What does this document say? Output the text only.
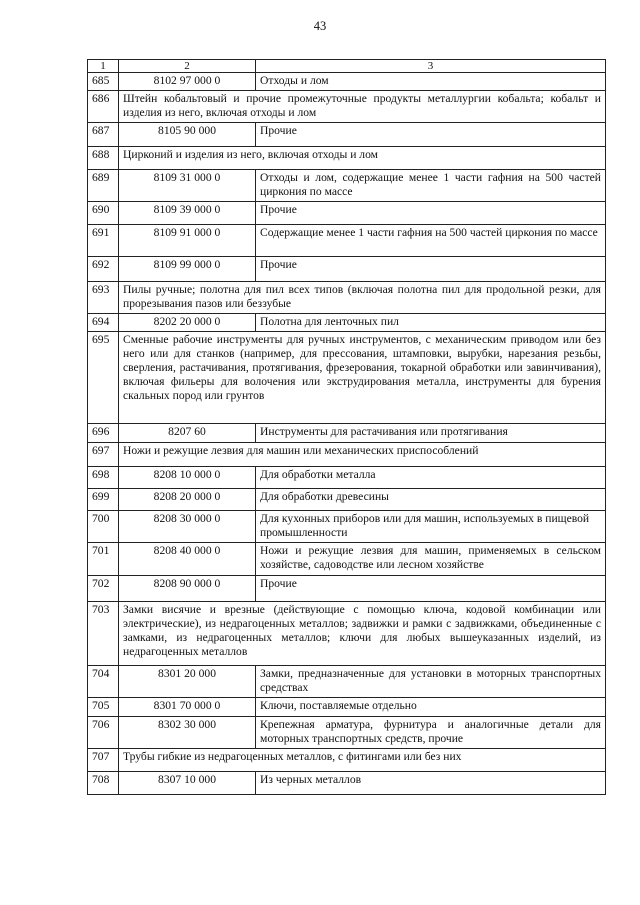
43
1	2	3
685	8102 97 000 0	Отходы и лом
686	Штейн кобальтовый и прочие промежуточные продукты металлургии кобальта; кобальт и изделия из него, включая отходы и лом	
687	8105 90 000	Прочие
688	Цирконий и изделия из него, включая отходы и лом	
689	8109 31 000 0	Отходы и лом, содержащие менее 1 части гафния на 500 частей циркония по массе
690	8109 39 000 0	Прочие
691	8109 91 000 0	Содержащие менее 1 части гафния на 500 частей циркония по массе
692	8109 99 000 0	Прочие
693	Пилы ручные; полотна для пил всех типов (включая полотна пил для продольной резки, для прорезывания пазов или беззубые	
694	8202 20 000 0	Полотна для ленточных пил
695	Сменные рабочие инструменты для ручных инструментов, с механическим приводом или без него или для станков (например, для прессования, штамповки, вырубки, нарезания резьбы, сверления, растачивания, протягивания, фрезерования, токарной обработки или завинчивания), включая фильеры для волочения или экструдирования металла, инструменты для бурения скальных пород или грунтов	
696	8207 60	Инструменты для растачивания или протягивания
697	Ножи и режущие лезвия для машин или механических приспособлений	
698	8208 10 000 0	Для обработки металла
699	8208 20 000 0	Для обработки древесины
700	8208 30 000 0	Для кухонных приборов или для машин, используемых в пищевой промышленности
701	8208 40 000 0	Ножи и режущие лезвия для машин, применяемых в сельском хозяйстве, садоводстве или лесном хозяйстве
702	8208 90 000 0	Прочие
703	Замки висячие и врезные (действующие с помощью ключа, кодовой комбинации или электрические), из недрагоценных металлов; задвижки и рамки с задвижками, объединенные с замками, из недрагоценных металлов; ключи для любых вышеуказанных изделий, из недрагоценных металлов	
704	8301 20 000	Замки, предназначенные для установки в моторных транспортных средствах
705	8301 70 000 0	Ключи, поставляемые отдельно
706	8302 30 000	Крепежная арматура, фурнитура и аналогичные детали для моторных транспортных средств, прочие
707	Трубы гибкие из недрагоценных металлов, с фитингами или без них	
708	8307 10 000	Из черных металлов
